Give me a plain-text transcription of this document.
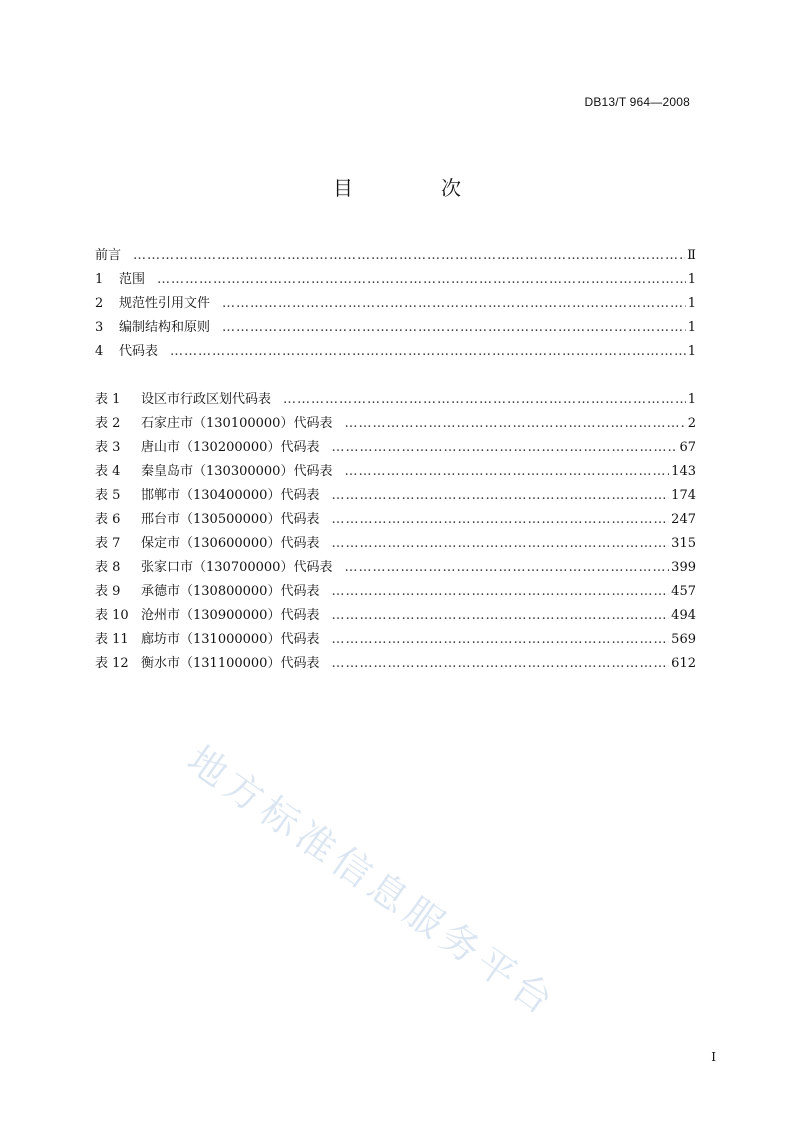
DB13/T 964—2008
目次
前言 …………………………………………………………………………………………………………………………………………………………………………	Ⅱ
1	范围 …………………………………………………………………………………………………………………………………………………………………………	1
2	规范性引用文件 …………………………………………………………………………………………………………………………………………………………………………	1
3	编制结构和原则 …………………………………………………………………………………………………………………………………………………………………………	1
4	代码表 …………………………………………………………………………………………………………………………………………………………………………	1
表 1	设区市行政区划代码表 …………………………………………………………………………………………………………………………………………………………………………	1
表 2	石家庄市（130100000）代码表 …………………………………………………………………………………………………………………………………………………………………………	2
表 3	唐山市（130200000）代码表 …………………………………………………………………………………………………………………………………………………………………………	67
表 4	秦皇岛市（130300000）代码表 …………………………………………………………………………………………………………………………………………………………………………	143
表 5	邯郸市（130400000）代码表 …………………………………………………………………………………………………………………………………………………………………………	174
表 6	邢台市（130500000）代码表 …………………………………………………………………………………………………………………………………………………………………………	247
表 7	保定市（130600000）代码表 …………………………………………………………………………………………………………………………………………………………………………	315
表 8	张家口市（130700000）代码表 …………………………………………………………………………………………………………………………………………………………………………	399
表 9	承德市（130800000）代码表 …………………………………………………………………………………………………………………………………………………………………………	457
表 10 沧州市（130900000）代码表 …………………………………………………………………………………………………………………………………………………………………………	494
表 11 廊坊市（131000000）代码表 …………………………………………………………………………………………………………………………………………………………………………	569
表 12 衡水市（131100000）代码表 …………………………………………………………………………………………………………………………………………………………………………	612
地方标准信息服务平台
I
